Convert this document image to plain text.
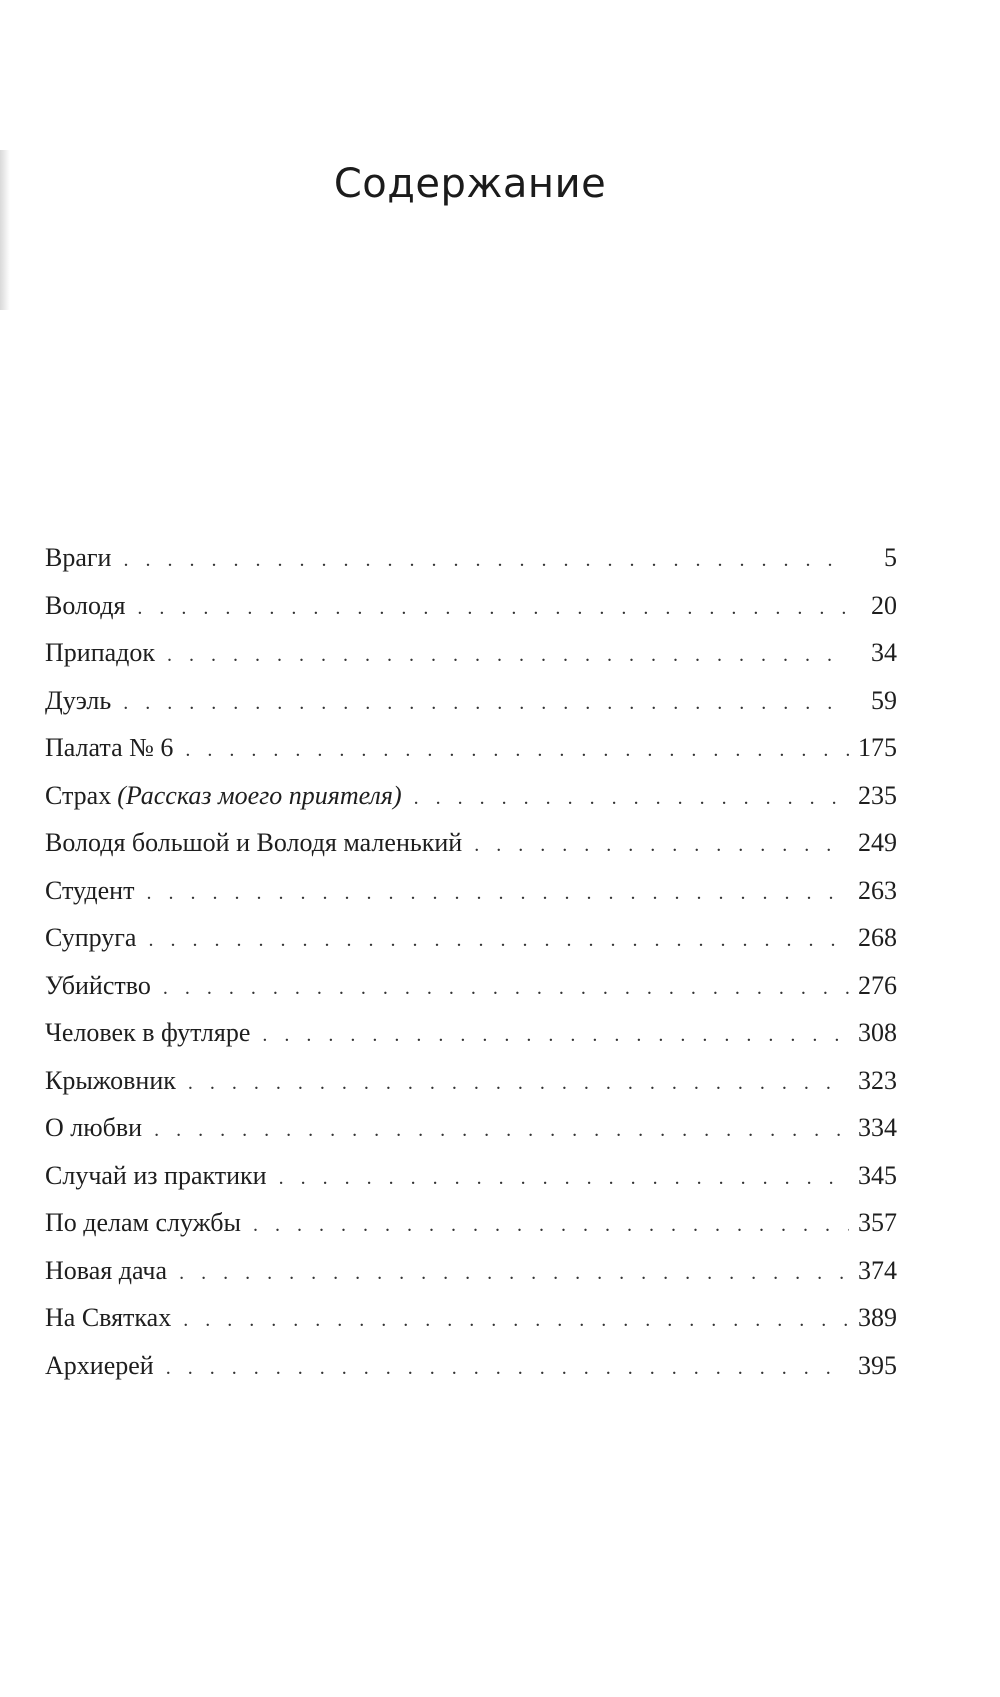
Содержание
Враги . . .	5
Володя . . .	20
Припадок . . .	34
Дуэль . . .	59
Палата № 6 . . .	175
Страх (Рассказ моего приятеля) . . .	235
Володя большой и Володя маленький . . .	249
Студент . . .	263
Супруга . . .	268
Убийство . . .	276
Человек в футляре . . .	308
Крыжовник . . .	323
О любви . . .	334
Случай из практики . . .	345
По делам службы . . .	357
Новая дача . . .	374
На Святках . . .	389
Архиерей . . .	395
